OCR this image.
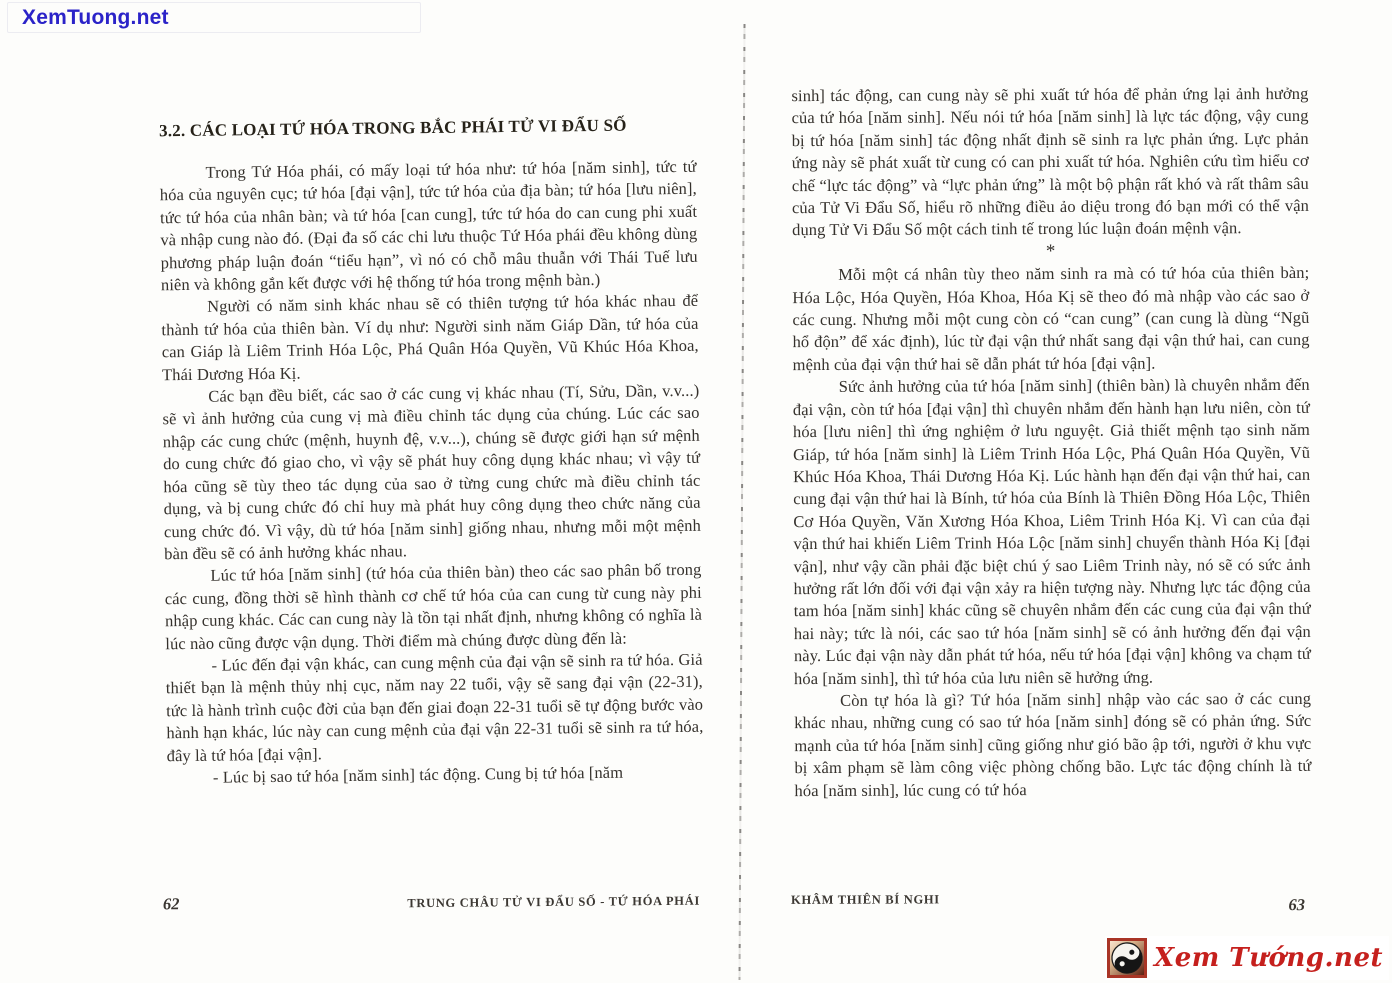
XemTuong.net
3.2. CÁC LOẠI TỨ HÓA TRONG BẮC PHÁI TỬ VI ĐẨU SỐ

Trong Tứ Hóa phái, có mấy loại tứ hóa như: tứ hóa [năm sinh], tức tứ hóa của nguyên cục; tứ hóa [đại vận], tức tứ hóa của địa bàn; tứ hóa [lưu niên], tức tứ hóa của nhân bàn; và tứ hóa [can cung], tức tứ hóa do can cung phi xuất và nhập cung nào đó. (Đại đa số các chi lưu thuộc Tứ Hóa phái đều không dùng phương pháp luận đoán “tiểu hạn”, vì nó có chỗ mâu thuẫn với Thái Tuế lưu niên và không gắn kết được với hệ thống tứ hóa trong mệnh bàn.)

Người có năm sinh khác nhau sẽ có thiên tượng tứ hóa khác nhau để thành tứ hóa của thiên bàn. Ví dụ như: Người sinh năm Giáp Dần, tứ hóa của can Giáp là Liêm Trinh Hóa Lộc, Phá Quân Hóa Quyền, Vũ Khúc Hóa Khoa, Thái Dương Hóa Kị.

Các bạn đều biết, các sao ở các cung vị khác nhau (Tí, Sửu, Dần, v.v...) sẽ vì ảnh hưởng của cung vị mà điều chỉnh tác dụng của chúng. Lúc các sao nhập các cung chức (mệnh, huynh đệ, v.v...), chúng sẽ được giới hạn sứ mệnh do cung chức đó giao cho, vì vậy sẽ phát huy công dụng khác nhau; vì vậy tứ hóa cũng sẽ tùy theo tác dụng của sao ở từng cung chức mà điều chỉnh tác dụng, và bị cung chức đó chỉ huy mà phát huy công dụng theo chức năng của cung chức đó. Vì vậy, dù tứ hóa [năm sinh] giống nhau, nhưng mỗi một mệnh bàn đều sẽ có ảnh hưởng khác nhau.

Lúc tứ hóa [năm sinh] (tứ hóa của thiên bàn) theo các sao phân bố trong các cung, đồng thời sẽ hình thành cơ chế tứ hóa của can cung từ cung này phi nhập cung khác. Các can cung này là tồn tại nhất định, nhưng không có nghĩa là lúc nào cũng được vận dụng. Thời điểm mà chúng được dùng đến là:

- Lúc đến đại vận khác, can cung mệnh của đại vận sẽ sinh ra tứ hóa. Giả thiết bạn là mệnh thủy nhị cục, năm nay 22 tuổi, vậy sẽ sang đại vận (22-31), tức là hành trình cuộc đời của bạn đến giai đoạn 22-31 tuổi sẽ tự động bước vào hành hạn khác, lúc này can cung mệnh của đại vận 22-31 tuổi sẽ sinh ra tứ hóa, đây là tứ hóa [đại vận].

- Lúc bị sao tứ hóa [năm sinh] tác động. Cung bị tứ hóa [năm

62	TRUNG CHÂU TỬ VI ĐẨU SỐ - TỨ HÓA PHÁI

sinh] tác động, can cung này sẽ phi xuất tứ hóa để phản ứng lại ảnh hưởng của tứ hóa [năm sinh]. Nếu nói tứ hóa [năm sinh] là lực tác động, vậy cung bị tứ hóa [năm sinh] tác động nhất định sẽ sinh ra lực phản ứng. Lực phản ứng này sẽ phát xuất từ cung có can phi xuất tứ hóa. Nghiên cứu tìm hiểu cơ chế “lực tác động” và “lực phản ứng” là một bộ phận rất khó và rất thâm sâu của Tử Vi Đẩu Số, hiểu rõ những điều ảo diệu trong đó bạn mới có thể vận dụng Tử Vi Đẩu Số một cách tinh tế trong lúc luận đoán mệnh vận.

*

Mỗi một cá nhân tùy theo năm sinh ra mà có tứ hóa của thiên bàn; Hóa Lộc, Hóa Quyền, Hóa Khoa, Hóa Kị sẽ theo đó mà nhập vào các sao ở các cung. Nhưng mỗi một cung còn có “can cung” (can cung là dùng “Ngũ hổ độn” để xác định), lúc từ đại vận thứ nhất sang đại vận thứ hai, can cung mệnh của đại vận thứ hai sẽ dẫn phát tứ hóa [đại vận].

Sức ảnh hưởng của tứ hóa [năm sinh] (thiên bàn) là chuyên nhắm đến đại vận, còn tứ hóa [đại vận] thì chuyên nhắm đến hành hạn lưu niên, còn tứ hóa [lưu niên] thì ứng nghiệm ở lưu nguyệt. Giả thiết mệnh tạo sinh năm Giáp, tứ hóa [năm sinh] là Liêm Trinh Hóa Lộc, Phá Quân Hóa Quyền, Vũ Khúc Hóa Khoa, Thái Dương Hóa Kị. Lúc hành hạn đến đại vận thứ hai, can cung đại vận thứ hai là Bính, tứ hóa của Bính là Thiên Đồng Hóa Lộc, Thiên Cơ Hóa Quyền, Văn Xương Hóa Khoa, Liêm Trinh Hóa Kị. Vì can của đại vận thứ hai khiến Liêm Trinh Hóa Lộc [năm sinh] chuyển thành Hóa Kị [đại vận], như vậy cần phải đặc biệt chú ý sao Liêm Trinh này, nó sẽ có sức ảnh hưởng rất lớn đối với đại vận xảy ra hiện tượng này. Nhưng lực tác động của tam hóa [năm sinh] khác cũng sẽ chuyên nhắm đến các cung của đại vận thứ hai này; tức là nói, các sao tứ hóa [năm sinh] sẽ có ảnh hưởng đến đại vận này. Lúc đại vận này dẫn phát tứ hóa, nếu tứ hóa [đại vận] không va chạm tứ hóa [năm sinh], thì tứ hóa của lưu niên sẽ hưởng ứng.

Còn tự hóa là gì? Tứ hóa [năm sinh] nhập vào các sao ở các cung khác nhau, những cung có sao tứ hóa [năm sinh] đóng sẽ có phản ứng. Sức mạnh của tứ hóa [năm sinh] cũng giống như gió bão ập tới, người ở khu vực bị xâm phạm sẽ làm công việc phòng chống bão. Lực tác động chính là tứ hóa [năm sinh], lúc cung có tứ hóa

KHÂM THIÊN BÍ NGHI	63
Xem Tướng.net
